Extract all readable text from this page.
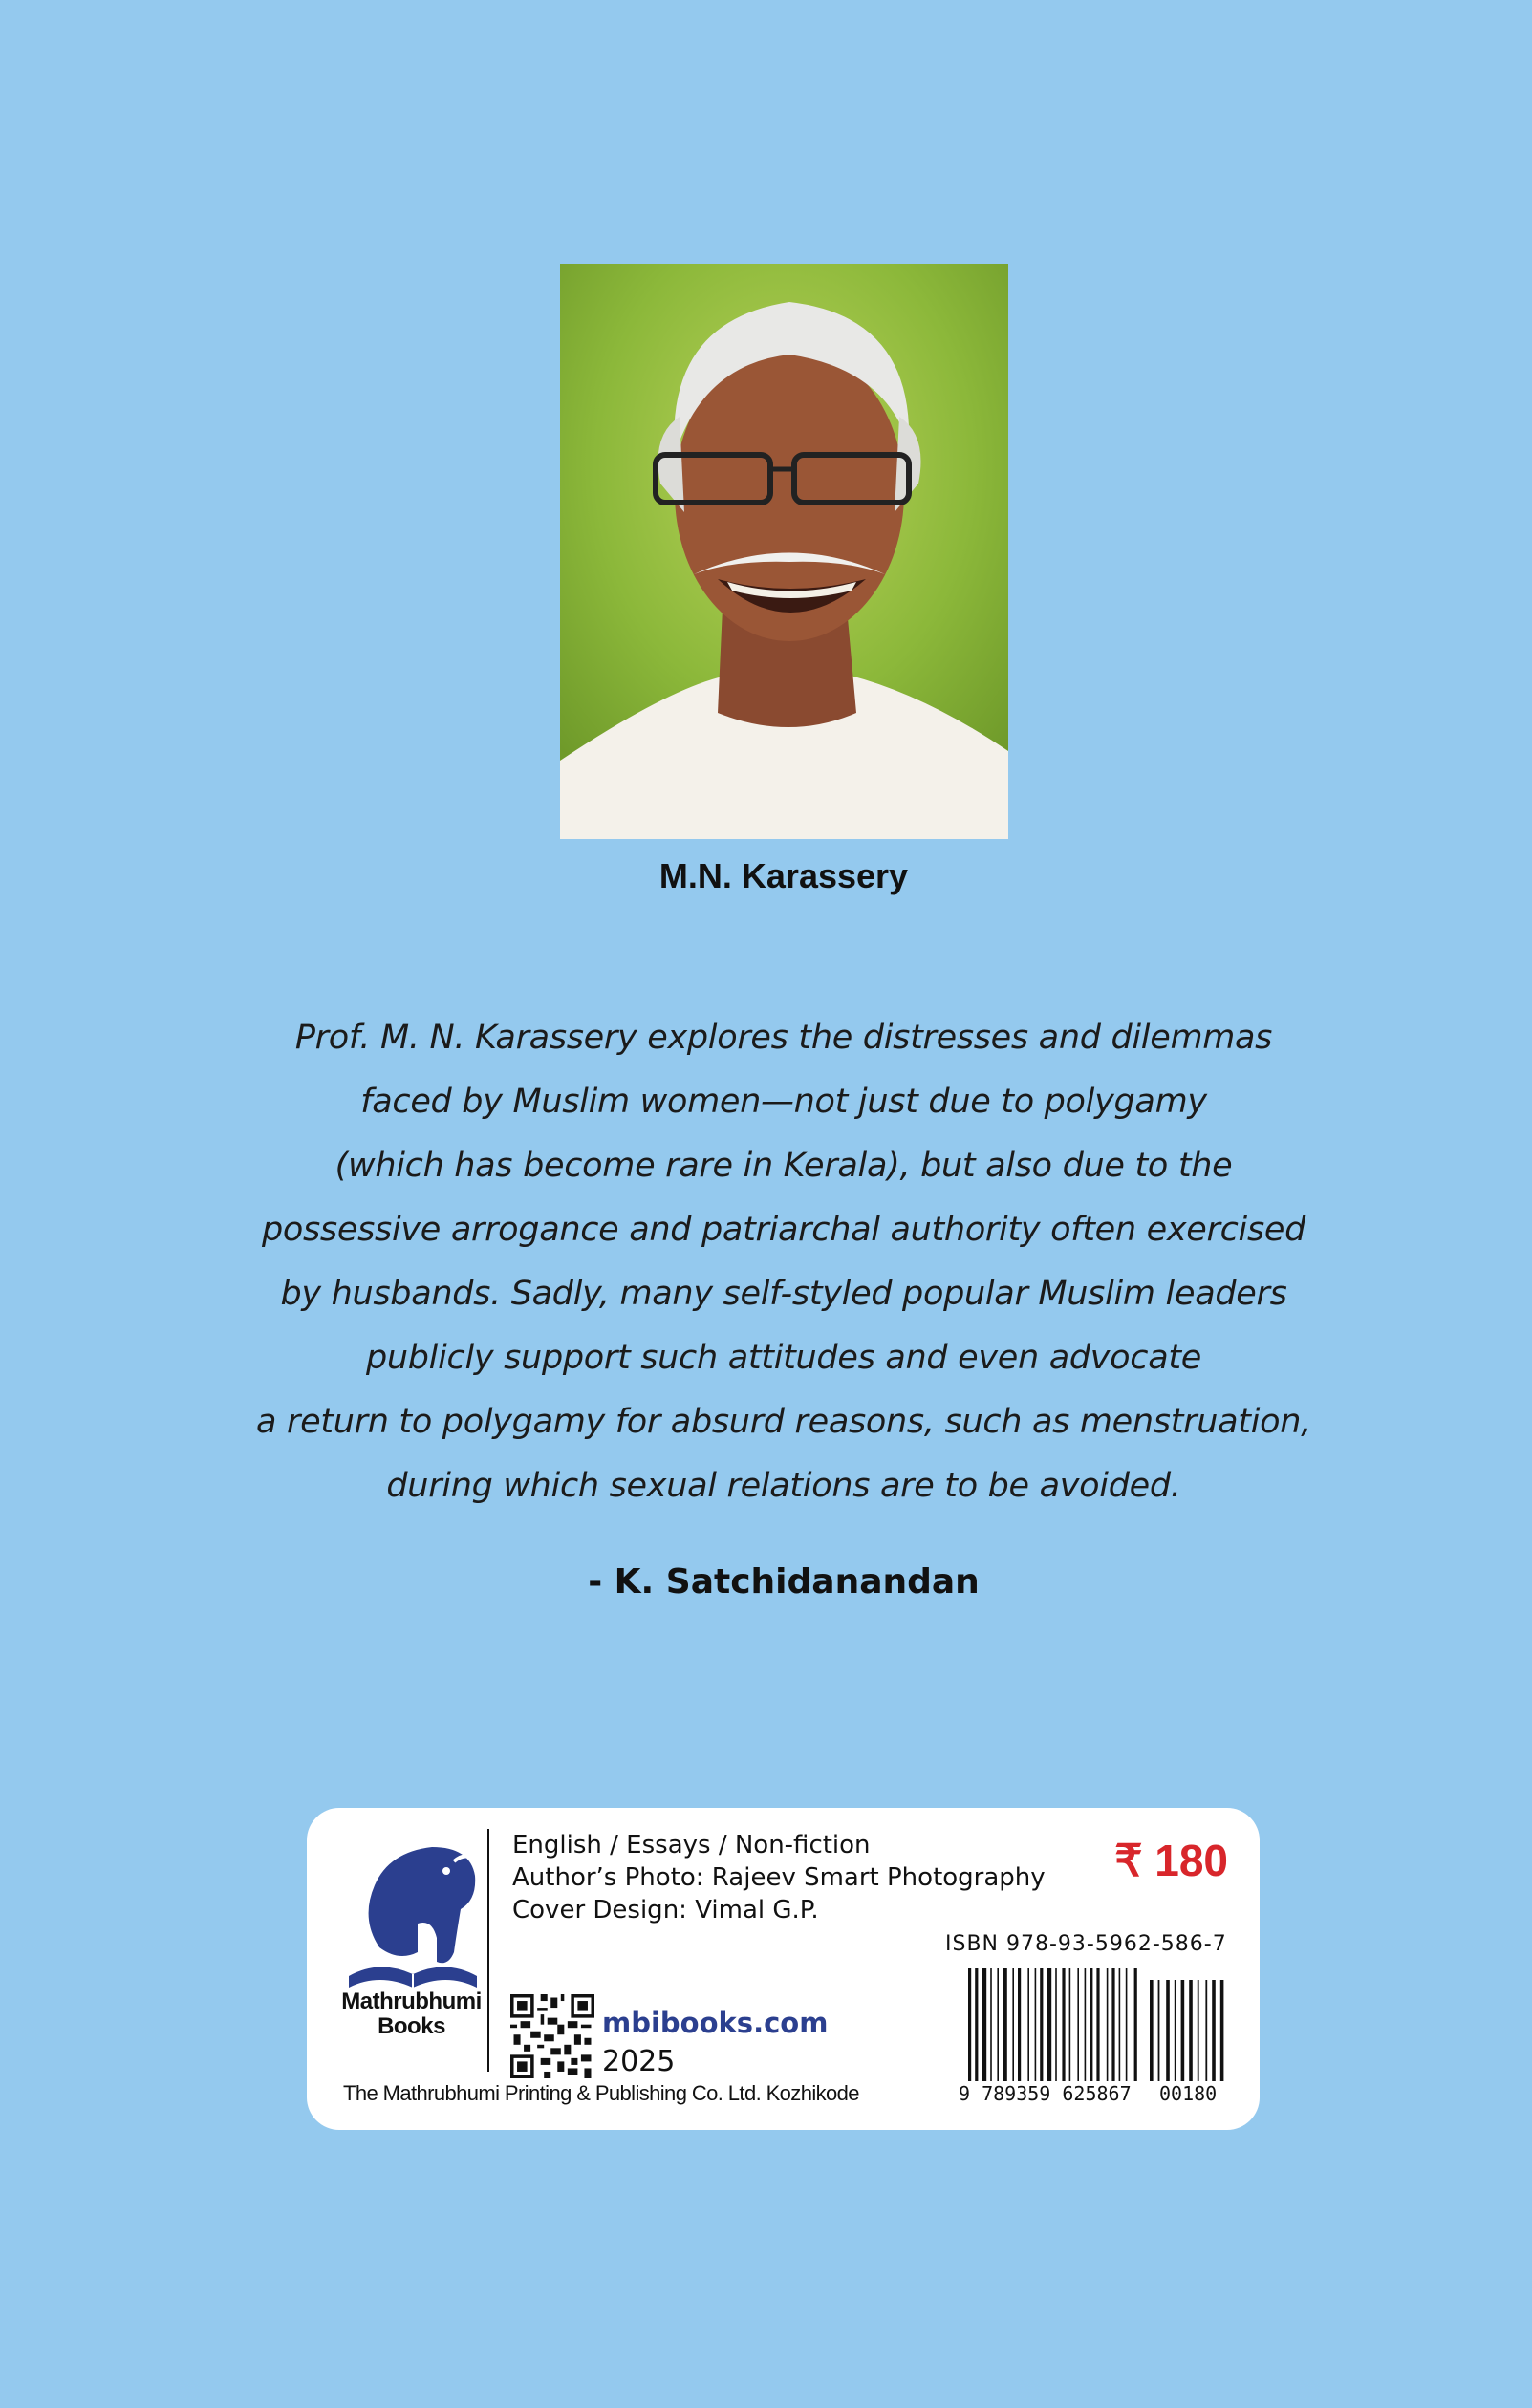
M.N. Karassery
Prof. M. N. Karassery explores the distresses and dilemmas
faced by Muslim women—not just due to polygamy
(which has become rare in Kerala), but also due to the
possessive arrogance and patriarchal authority often exercised
by husbands. Sadly, many self-styled popular Muslim leaders
publicly support such attitudes and even advocate
a return to polygamy for absurd reasons, such as menstruation,
during which sexual relations are to be avoided.
- K. Satchidanandan
Mathrubhumi
Books
English / Essays / Non-fiction
Author’s Photo: Rajeev Smart Photography
Cover Design: Vimal G.P.
₹ 180
ISBN 978-93-5962-586-7
mbibooks.com
2025
The Mathrubhumi Printing & Publishing Co. Ltd. Kozhikode	9 789359 625867 00180
